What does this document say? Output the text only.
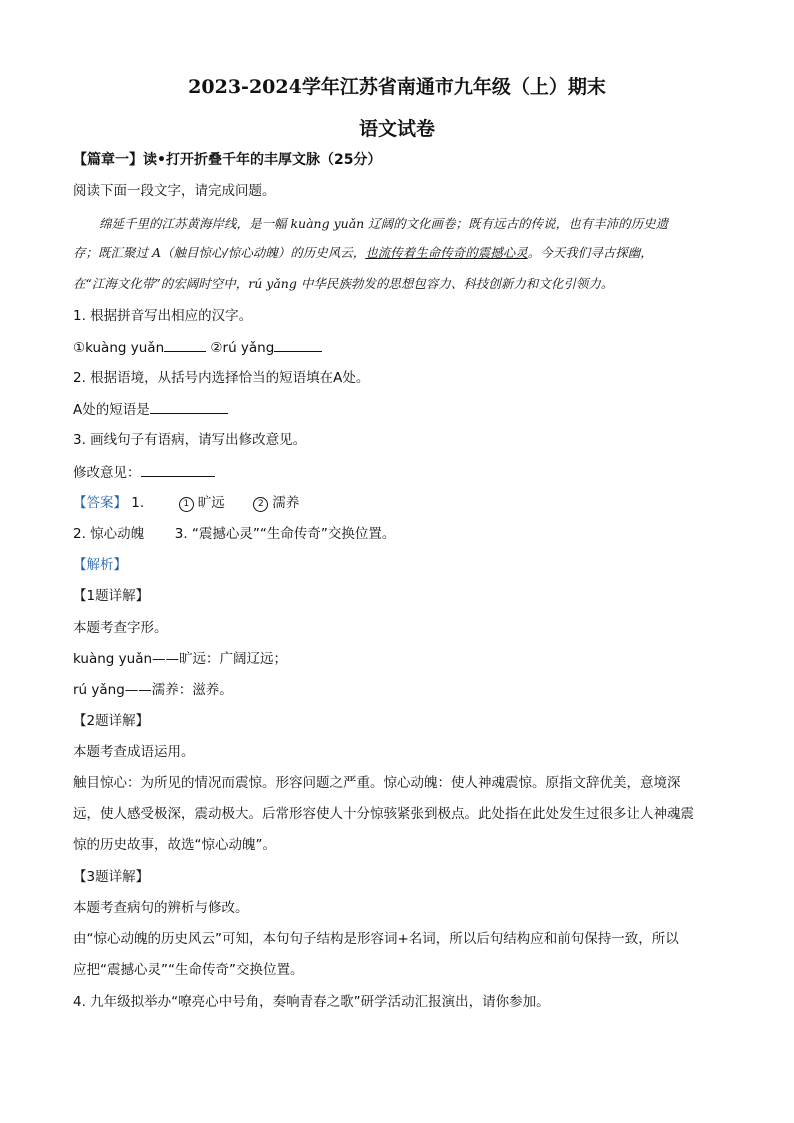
2023-2024学年江苏省南通市九年级（上）期末
语文试卷
【篇章一】读•打开折叠千年的丰厚文脉（25分）
阅读下面一段文字，请完成问题。
绵延千里的江苏黄海岸线，是一幅 kuàng yuǎn 辽阔的文化画卷；既有远古的传说，也有丰沛的历史遗
存；既汇聚过 A（触目惊心/惊心动魄）的历史风云，也流传着生命传奇的震撼心灵。今天我们寻古探幽，
在“江海文化带”的宏阔时空中，rú yǎng 中华民族勃发的思想包容力、科技创新力和文化引领力。
1. 根据拼音写出相应的汉字。
①kuàng yuǎn	②rú yǎng
2. 根据语境，从括号内选择恰当的短语填在A处。
A处的短语是
3. 画线句子有语病，请写出修改意见。
修改意见：
【答案】 1.	1 旷远	2 濡养
2. 惊心动魄 3. “震撼心灵”“生命传奇”交换位置。
【解析】
【1题详解】
本题考查字形。
kuàng yuǎn——旷远：广阔辽远；
rú yǎng——濡养：滋养。
【2题详解】
本题考查成语运用。
触目惊心：为所见的情况而震惊。形容问题之严重。惊心动魄：使人神魂震惊。原指文辞优美，意境深
远，使人感受极深，震动极大。后常形容使人十分惊骇紧张到极点。此处指在此处发生过很多让人神魂震
惊的历史故事，故选“惊心动魄”。
【3题详解】
本题考查病句的辨析与修改。
由“惊心动魄的历史风云”可知，本句句子结构是形容词+名词，所以后句结构应和前句保持一致，所以
应把“震撼心灵”“生命传奇”交换位置。
4. 九年级拟举办“嘹亮心中号角，奏响青春之歌”研学活动汇报演出，请你参加。
